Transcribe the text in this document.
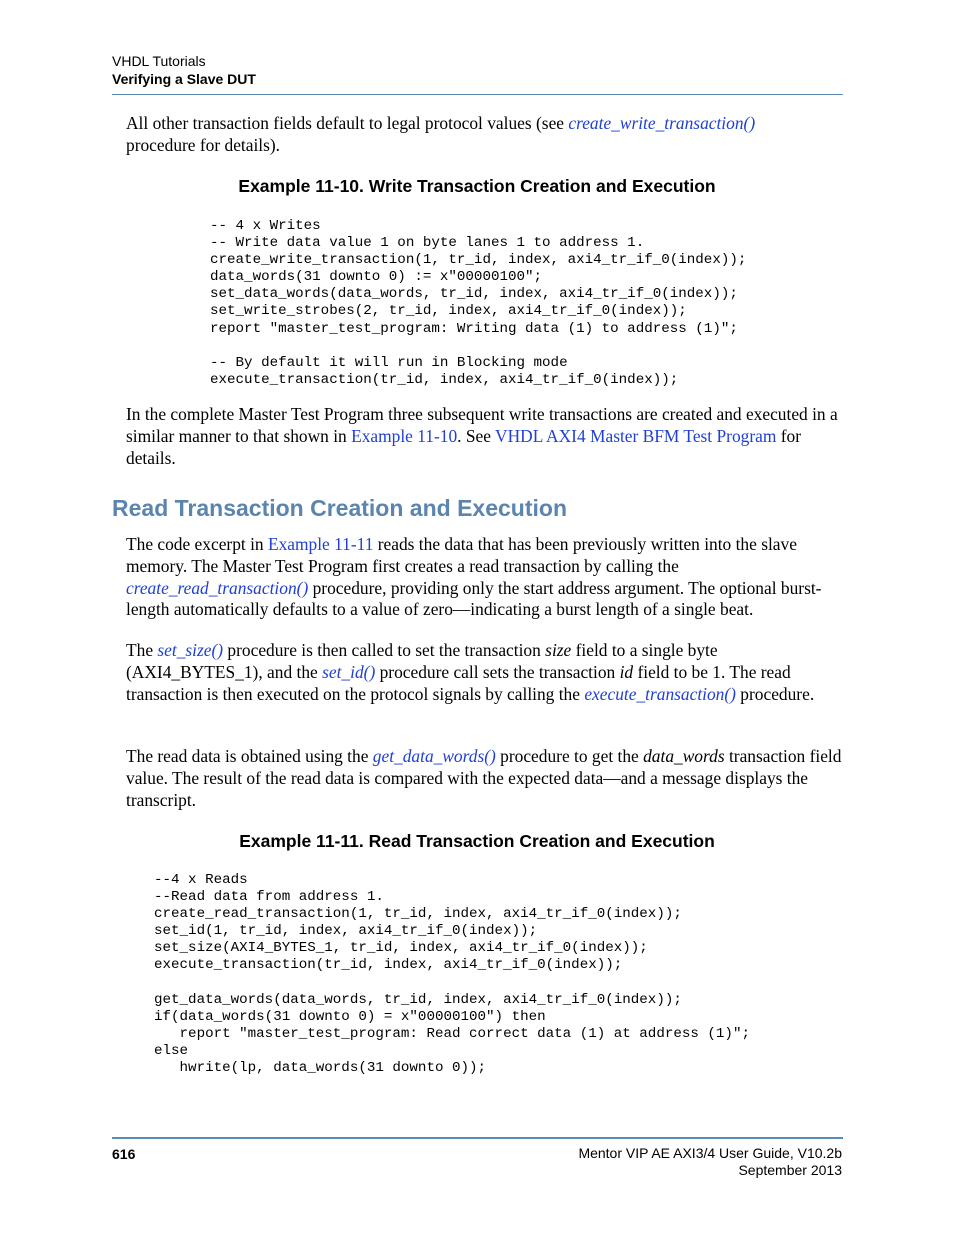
VHDL Tutorials
Verifying a Slave DUT

All other transaction fields default to legal protocol values (see create_write_transaction()
procedure for details).

Example 11-10. Write Transaction Creation and Execution
-- 4 x Writes
-- Write data value 1 on byte lanes 1 to address 1.
create_write_transaction(1, tr_id, index, axi4_tr_if_0(index));
data_words(31 downto 0) := x"00000100";
set_data_words(data_words, tr_id, index, axi4_tr_if_0(index));
set_write_strobes(2, tr_id, index, axi4_tr_if_0(index));
report "master_test_program: Writing data (1) to address (1)";

-- By default it will run in Blocking mode
execute_transaction(tr_id, index, axi4_tr_if_0(index));

In the complete Master Test Program three subsequent write transactions are created and executed in a similar manner to that shown in Example 11-10. See VHDL AXI4 Master BFM Test Program for details.

Read Transaction Creation and Execution

The code excerpt in Example 11-11 reads the data that has been previously written into the slave memory. The Master Test Program first creates a read transaction by calling the create_read_transaction() procedure, providing only the start address argument. The optional burst-length automatically defaults to a value of zero—indicating a burst length of a single beat.

The set_size() procedure is then called to set the transaction size field to a single byte (AXI4_BYTES_1), and the set_id() procedure call sets the transaction id field to be 1. The read transaction is then executed on the protocol signals by calling the execute_transaction() procedure.

The read data is obtained using the get_data_words() procedure to get the data_words transaction field value. The result of the read data is compared with the expected data—and a message displays the transcript.

Example 11-11. Read Transaction Creation and Execution
--4 x Reads
--Read data from address 1.
create_read_transaction(1, tr_id, index, axi4_tr_if_0(index));
set_id(1, tr_id, index, axi4_tr_if_0(index));
set_size(AXI4_BYTES_1, tr_id, index, axi4_tr_if_0(index));
execute_transaction(tr_id, index, axi4_tr_if_0(index));

get_data_words(data_words, tr_id, index, axi4_tr_if_0(index));
if(data_words(31 downto 0) = x"00000100") then
report "master_test_program: Read correct data (1) at address (1)";
else
hwrite(lp, data_words(31 downto 0));
616	Mentor VIP AE AXI3/4 User Guide, V10.2b
September 2013
